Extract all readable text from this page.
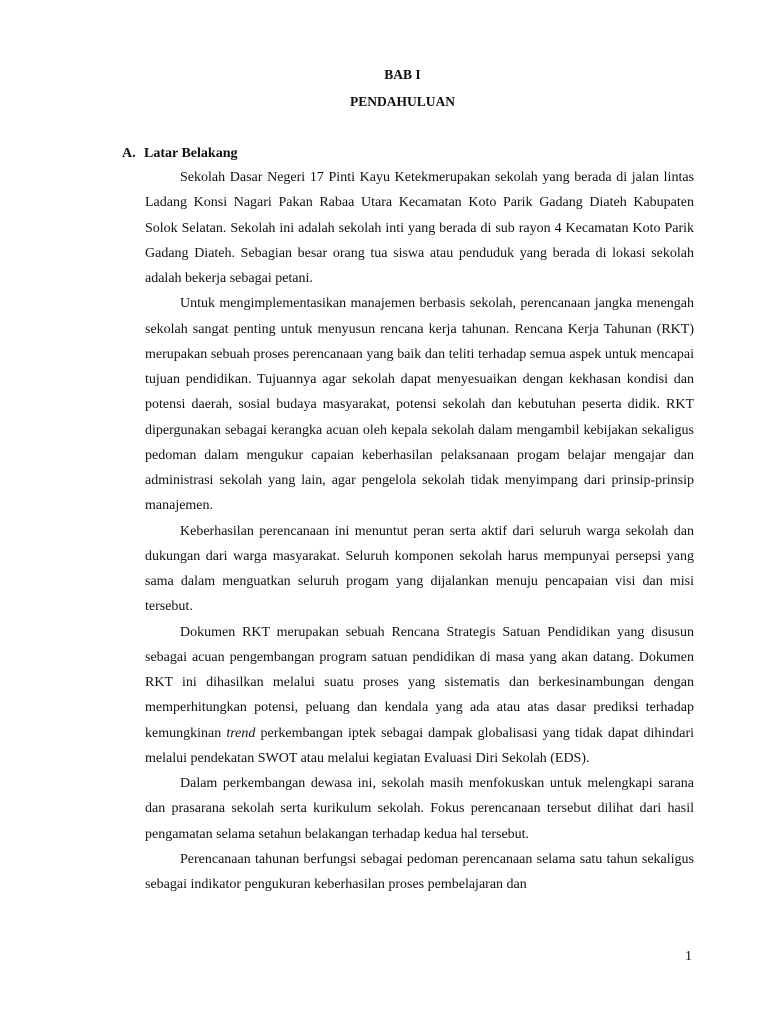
BAB I
PENDAHULUAN
A. Latar Belakang

Sekolah Dasar Negeri 17 Pinti Kayu Ketekmerupakan sekolah yang berada di jalan lintas Ladang Konsi Nagari Pakan Rabaa Utara Kecamatan Koto Parik Gadang Diateh Kabupaten Solok Selatan. Sekolah ini adalah sekolah inti yang berada di sub rayon 4 Kecamatan Koto Parik Gadang Diateh. Sebagian besar orang tua siswa atau penduduk yang berada di lokasi sekolah adalah bekerja sebagai petani.

Untuk mengimplementasikan manajemen berbasis sekolah, perencanaan jangka menengah sekolah sangat penting untuk menyusun rencana kerja tahunan. Rencana Kerja Tahunan (RKT) merupakan sebuah proses perencanaan yang baik dan teliti terhadap semua aspek untuk mencapai tujuan pendidikan. Tujuannya agar sekolah dapat menyesuaikan dengan kekhasan kondisi dan potensi daerah, sosial budaya masyarakat, potensi sekolah dan kebutuhan peserta didik. RKT dipergunakan sebagai kerangka acuan oleh kepala sekolah dalam mengambil kebijakan sekaligus pedoman dalam mengukur capaian keberhasilan pelaksanaan progam belajar mengajar dan administrasi sekolah yang lain, agar pengelola sekolah tidak menyimpang dari prinsip-prinsip manajemen.

Keberhasilan perencanaan ini menuntut peran serta aktif dari seluruh warga sekolah dan dukungan dari warga masyarakat. Seluruh komponen sekolah harus mempunyai persepsi yang sama dalam menguatkan seluruh progam yang dijalankan menuju pencapaian visi dan misi tersebut.

Dokumen RKT merupakan sebuah Rencana Strategis Satuan Pendidikan yang disusun sebagai acuan pengembangan program satuan pendidikan di masa yang akan datang. Dokumen RKT ini dihasilkan melalui suatu proses yang sistematis dan berkesinambungan dengan memperhitungkan potensi, peluang dan kendala yang ada atau atas dasar prediksi terhadap kemungkinan trend perkembangan iptek sebagai dampak globalisasi yang tidak dapat dihindari melalui pendekatan SWOT atau melalui kegiatan Evaluasi Diri Sekolah (EDS).

Dalam perkembangan dewasa ini, sekolah masih menfokuskan untuk melengkapi sarana dan prasarana sekolah serta kurikulum sekolah. Fokus perencanaan tersebut dilihat dari hasil pengamatan selama setahun belakangan terhadap kedua hal tersebut.

Perencanaan tahunan berfungsi sebagai pedoman perencanaan selama satu tahun sekaligus sebagai indikator pengukuran keberhasilan proses pembelajaran dan

1
